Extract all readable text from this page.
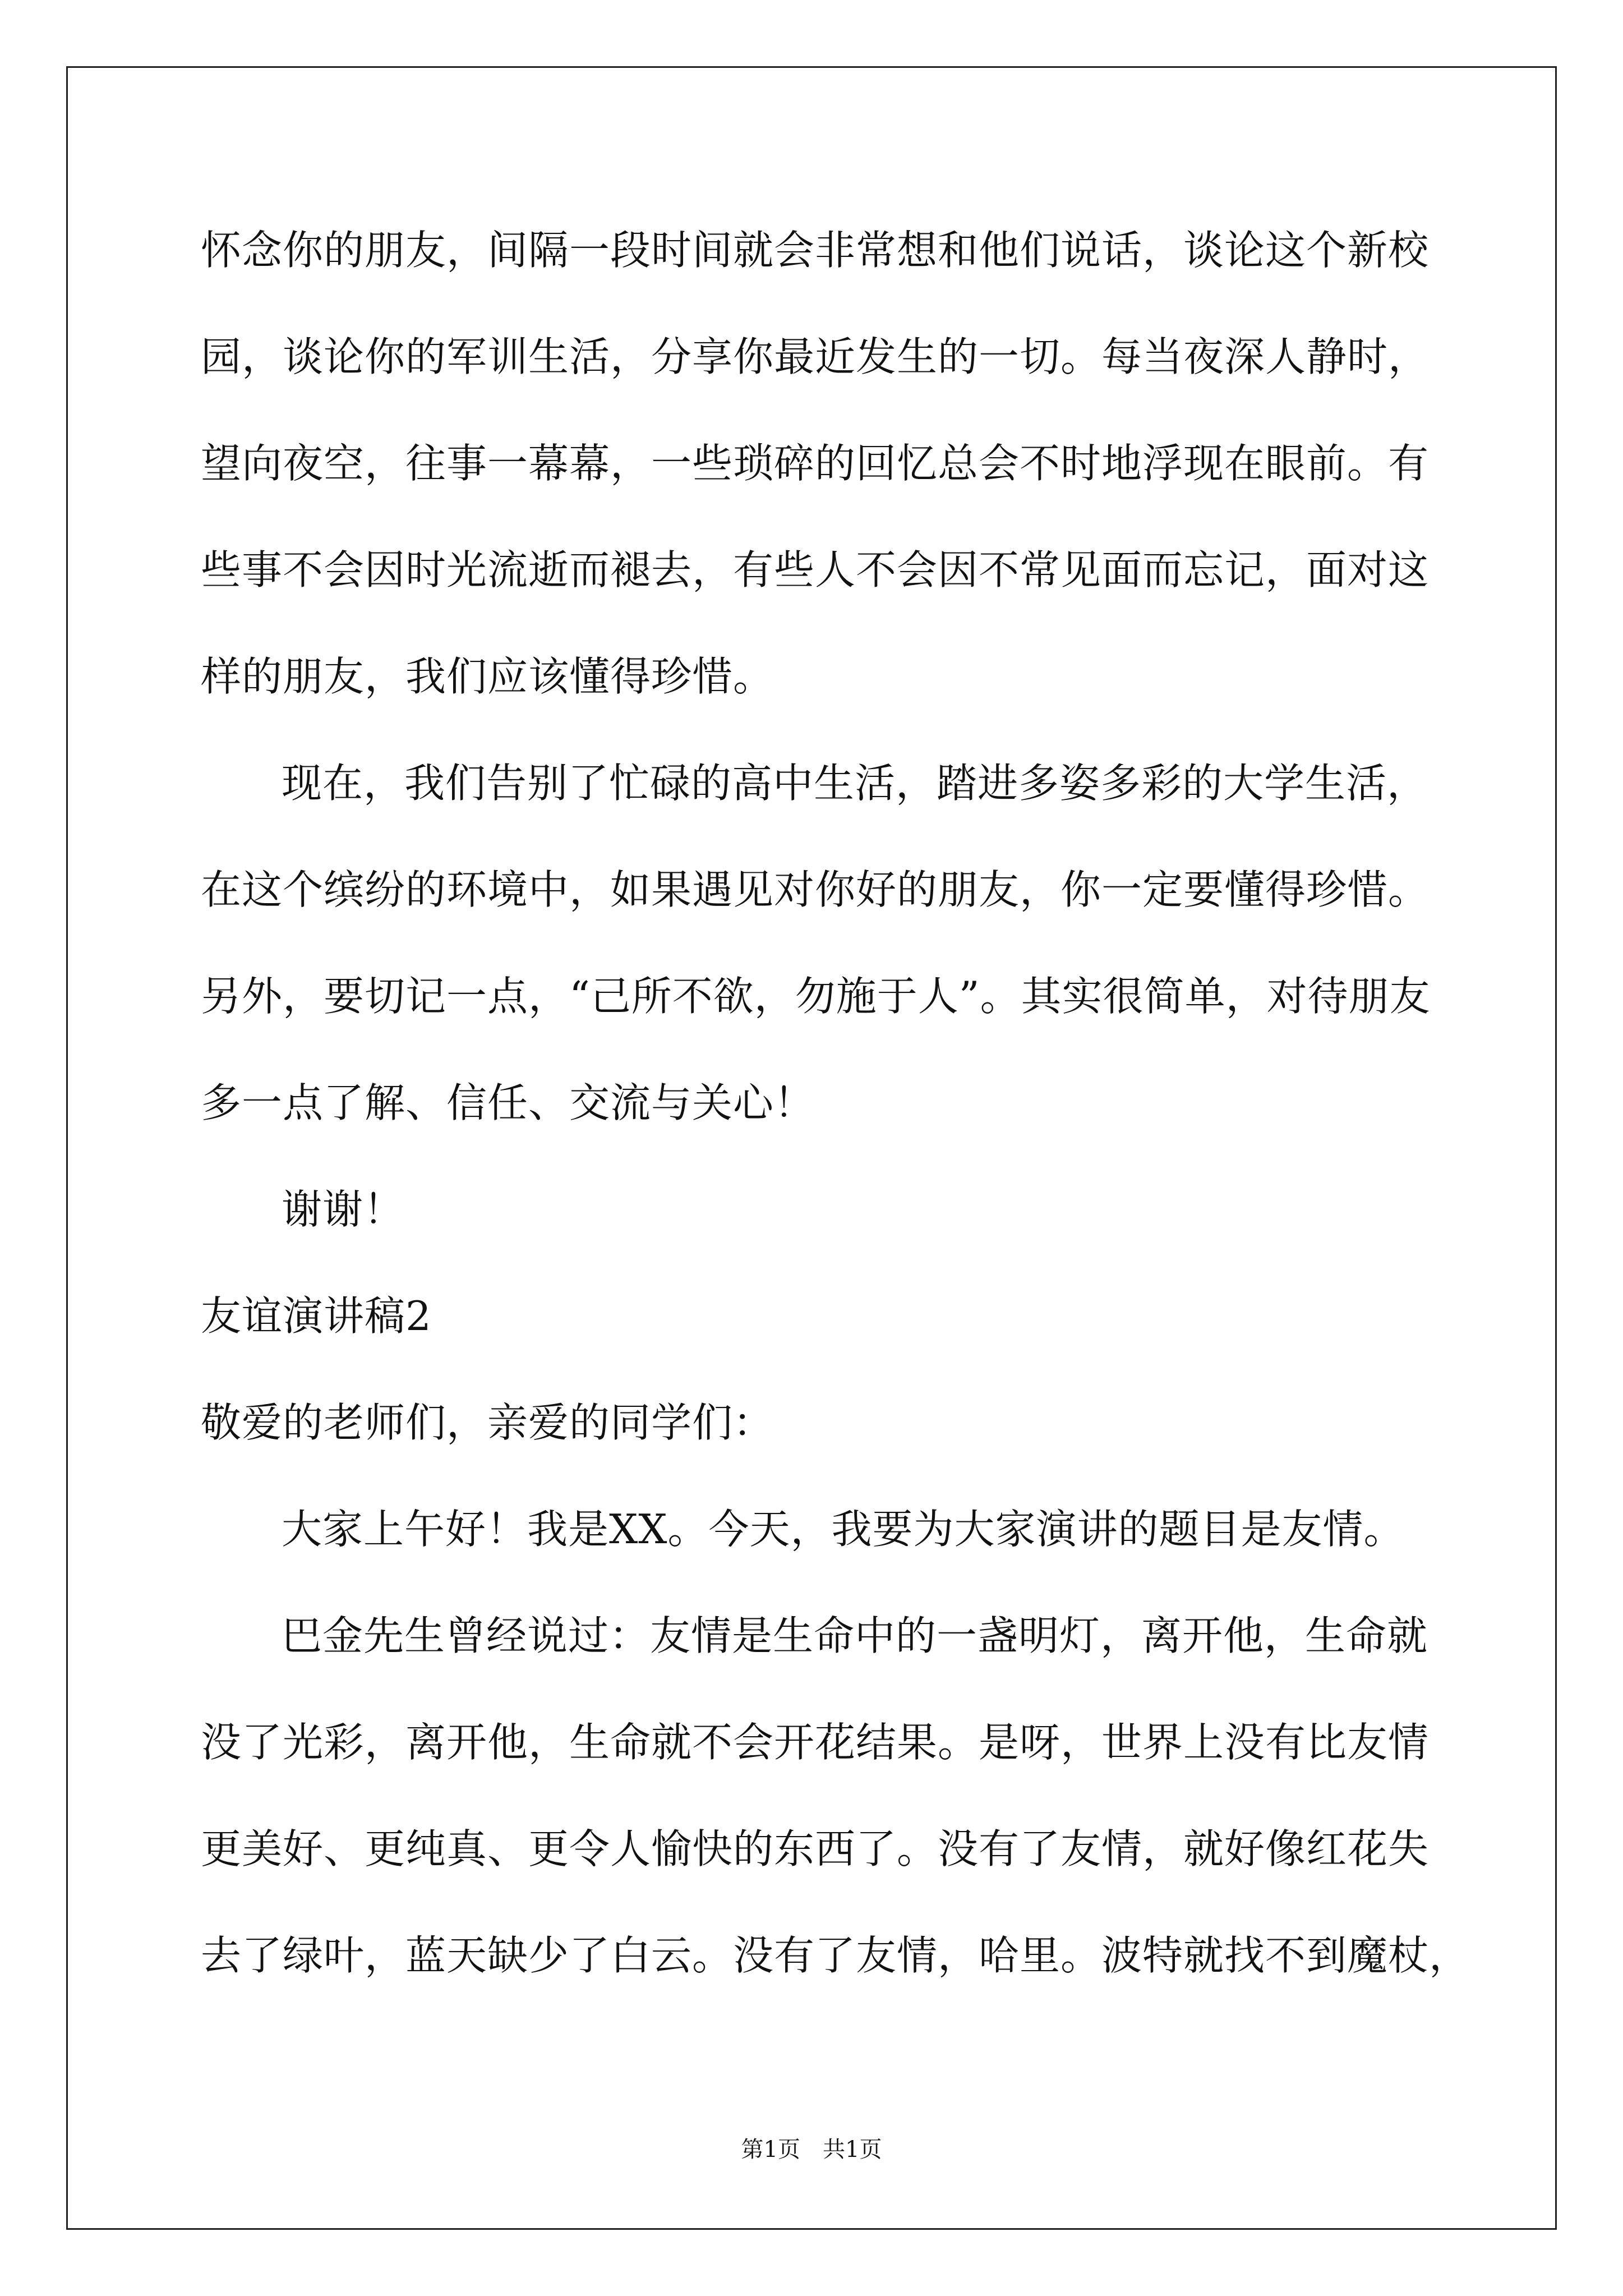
怀念你的朋友，间隔一段时间就会非常想和他们说话，谈论这个新校
园，谈论你的军训生活，分享你最近发生的一切。每当夜深人静时，
望向夜空，往事一幕幕，一些琐碎的回忆总会不时地浮现在眼前。有
些事不会因时光流逝而褪去，有些人不会因不常见面而忘记，面对这
样的朋友，我们应该懂得珍惜。
现在，我们告别了忙碌的高中生活，踏进多姿多彩的大学生活，
在这个缤纷的环境中，如果遇见对你好的朋友，你一定要懂得珍惜。
另外，要切记一点，“己所不欲，勿施于人”。其实很简单，对待朋友
多一点了解、信任、交流与关心！
谢谢！
友谊演讲稿2
敬爱的老师们，亲爱的同学们：
大家上午好！我是XX。今天，我要为大家演讲的题目是友情。
巴金先生曾经说过：友情是生命中的一盏明灯，离开他，生命就
没了光彩，离开他，生命就不会开花结果。是呀，世界上没有比友情
更美好、更纯真、更令人愉快的东西了。没有了友情，就好像红花失
去了绿叶，蓝天缺少了白云。没有了友情，哈里。波特就找不到魔杖，
第1页　共1页
